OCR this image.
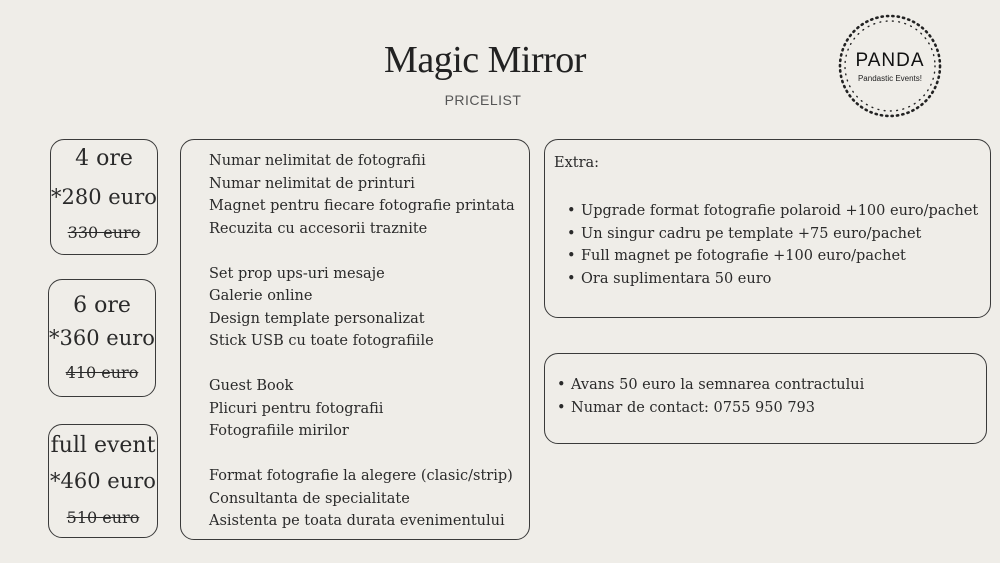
Magic Mirror
PRICELIST
PANDA
Pandastic Events!
4 ore
*280 euro
330 euro
6 ore
*360 euro
410 euro
full event
*460 euro
510 euro
Numar nelimitat de fotografii
Numar nelimitat de printuri
Magnet pentru fiecare fotografie printata
Recuzita cu accesorii traznite
Set prop ups-uri mesaje
Galerie online
Design template personalizat
Stick USB cu toate fotografiile
Guest Book
Plicuri pentru fotografii
Fotografiile mirilor
Format fotografie la alegere (clasic/strip)
Consultanta de specialitate
Asistenta pe toata durata evenimentului
Extra:
• Upgrade format fotografie polaroid +100 euro/pachet
• Un singur cadru pe template +75 euro/pachet
• Full magnet pe fotografie +100 euro/pachet
• Ora suplimentara 50 euro
• Avans 50 euro la semnarea contractului
• Numar de contact: 0755 950 793
